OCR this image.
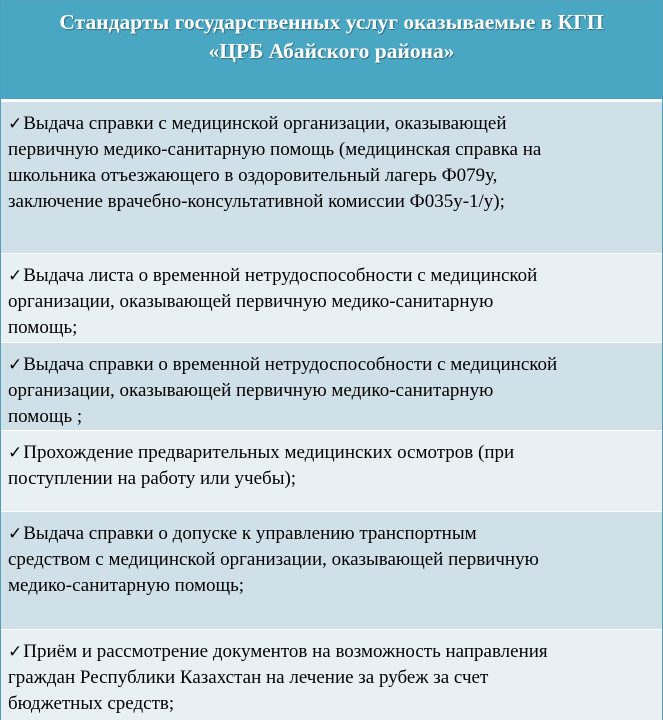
Стандарты государственных услуг оказываемые в КГП
«ЦРБ Абайского района»
✓Выдача справки с медицинской организации, оказывающей
первичную медико-санитарную помощь (медицинская справка на
школьника отъезжающего в оздоровительный лагерь Ф079у,
заключение врачебно-консультативной комиссии Ф035у-1/у);
✓Выдача листа о временной нетрудоспособности с медицинской
организации, оказывающей первичную медико-санитарную
помощь;
✓Выдача справки о временной нетрудоспособности с медицинской
организации, оказывающей первичную медико-санитарную
помощь ;
✓Прохождение предварительных медицинских осмотров (при
поступлении на работу или учебы);
✓Выдача справки о допуске к управлению транспортным
средством с медицинской организации, оказывающей первичную
медико-санитарную помощь;
✓Приём и рассмотрение документов на возможность направления
граждан Республики Казахстан на лечение за рубеж за счет
бюджетных средств;
